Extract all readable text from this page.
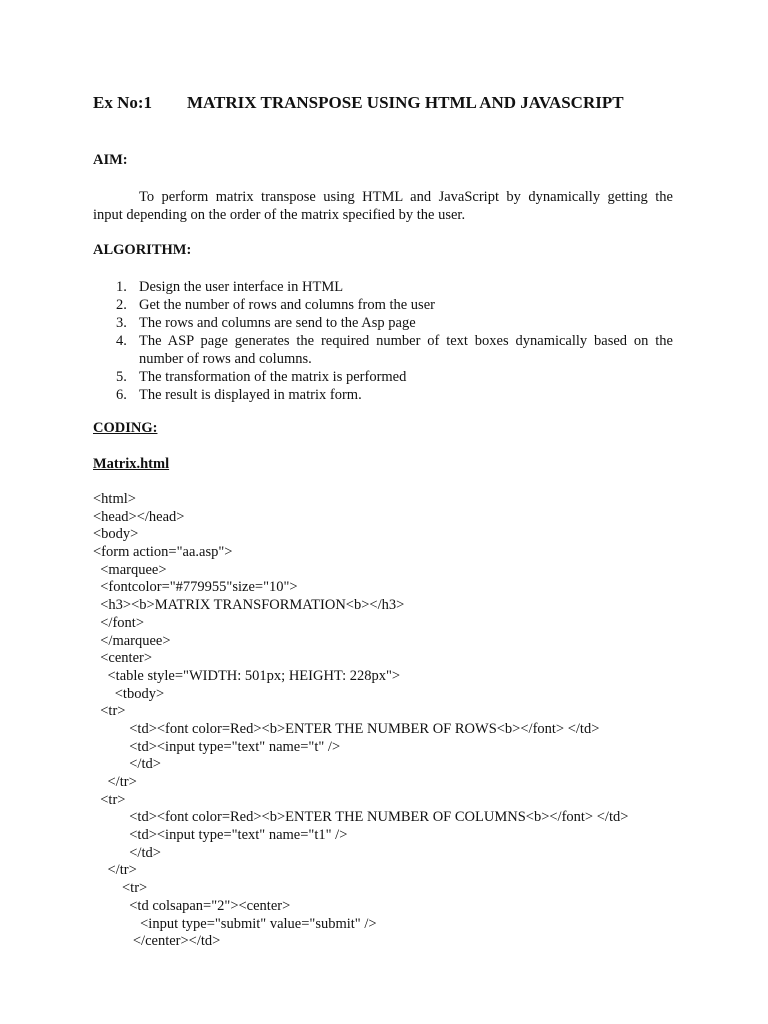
Ex No:1 MATRIX TRANSPOSE USING HTML AND JAVASCRIPT
AIM:
To perform matrix transpose using HTML and JavaScript by dynamically getting the
input depending on the order of the matrix specified by the user.
ALGORITHM:
1. Design the user interface in HTML
2. Get the number of rows and columns from the user
3. The rows and columns are send to the Asp page
4. The ASP page generates the required number of text boxes dynamically based on the number of rows and columns.
5. The transformation of the matrix is performed
6. The result is displayed in matrix form.
CODING:
Matrix.html
<html>
<head></head>
<body>
<form action="aa.asp">
<marquee>
<fontcolor="#779955"size="10">
<h3><b>MATRIX TRANSFORMATION<b></h3>
</font>
</marquee>
<center>
<table style="WIDTH: 501px; HEIGHT: 228px">
<tbody>
<tr>
<td><font color=Red><b>ENTER THE NUMBER OF ROWS<b></font> </td>
<td><input type="text" name="t" />
</td>
</tr>
<tr>
<td><font color=Red><b>ENTER THE NUMBER OF COLUMNS<b></font> </td>
<td><input type="text" name="t1" />
</td>
</tr>
<tr>
<td colsapan="2"><center>
<input type="submit" value="submit" />
</center></td>
